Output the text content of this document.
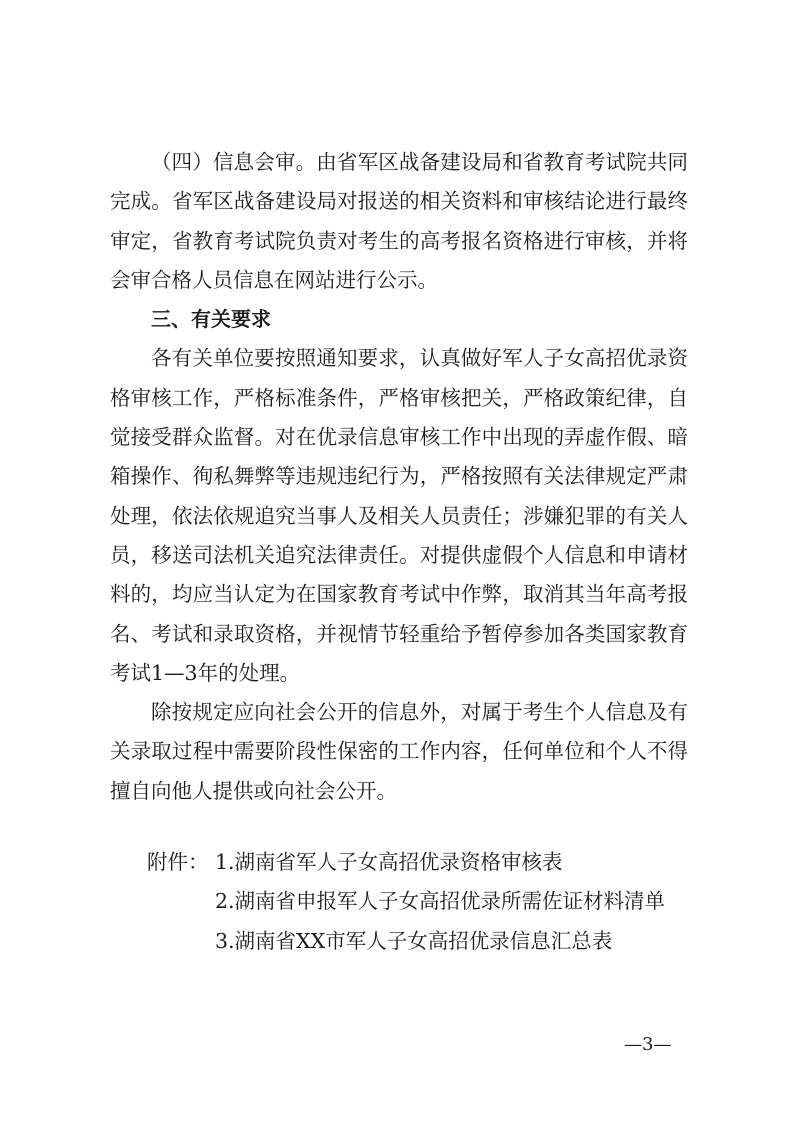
（四）信息会审。由省军区战备建设局和省教育考试院共同完成。省军区战备建设局对报送的相关资料和审核结论进行最终审定，省教育考试院负责对考生的高考报名资格进行审核，并将会审合格人员信息在网站进行公示。

三、有关要求

各有关单位要按照通知要求，认真做好军人子女高招优录资格审核工作，严格标准条件，严格审核把关，严格政策纪律，自觉接受群众监督。对在优录信息审核工作中出现的弄虚作假、暗箱操作、徇私舞弊等违规违纪行为，严格按照有关法律规定严肃处理，依法依规追究当事人及相关人员责任；涉嫌犯罪的有关人员，移送司法机关追究法律责任。对提供虚假个人信息和申请材料的，均应当认定为在国家教育考试中作弊，取消其当年高考报名、考试和录取资格，并视情节轻重给予暂停参加各类国家教育考试1—3年的处理。

除按规定应向社会公开的信息外，对属于考生个人信息及有关录取过程中需要阶段性保密的工作内容，任何单位和个人不得擅自向他人提供或向社会公开。

附件： 1.湖南省军人子女高招优录资格审核表
2.湖南省申报军人子女高招优录所需佐证材料清单
3.湖南省XX市军人子女高招优录信息汇总表
—3—
